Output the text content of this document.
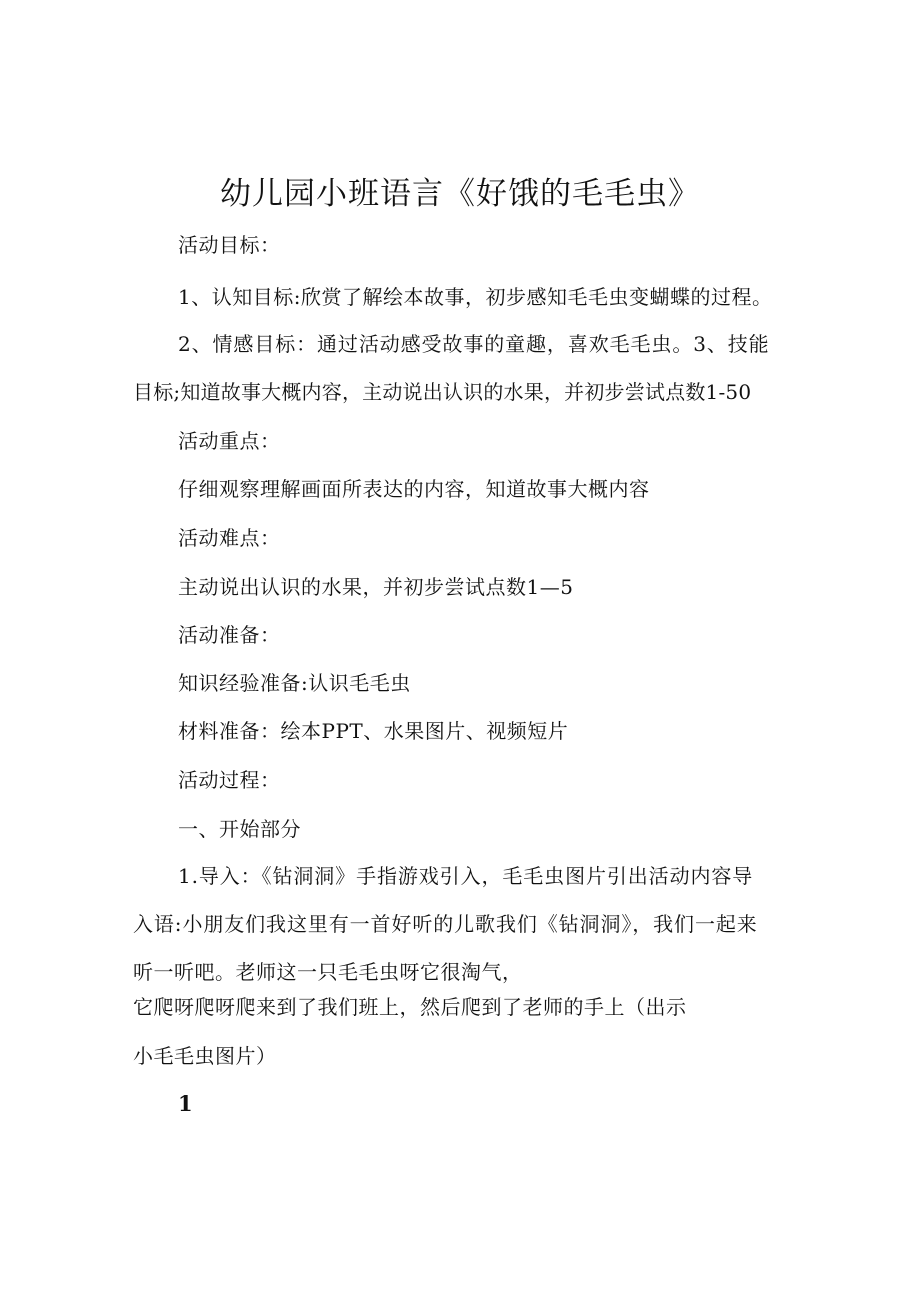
幼儿园小班语言《好饿的毛毛虫》
活动目标：
1、认知目标:欣赏了解绘本故事，初步感知毛毛虫变蝴蝶的过程。
2、情感目标：通过活动感受故事的童趣，喜欢毛毛虫。3、技能
目标;知道故事大概内容，主动说出认识的水果，并初步尝试点数1-50
活动重点：
仔细观察理解画面所表达的内容，知道故事大概内容
活动难点：
主动说出认识的水果，并初步尝试点数1—5
活动准备：
知识经验准备:认识毛毛虫
材料准备：绘本PPT、水果图片、视频短片
活动过程：
一、开始部分
1.导入：《钻洞洞》手指游戏引入，毛毛虫图片引出活动内容导
入语:小朋友们我这里有一首好听的儿歌我们《钻洞洞》，我们一起来
听一听吧。老师这一只毛毛虫呀它很淘气，
它爬呀爬呀爬来到了我们班上，然后爬到了老师的手上（出示
小毛毛虫图片）
1
